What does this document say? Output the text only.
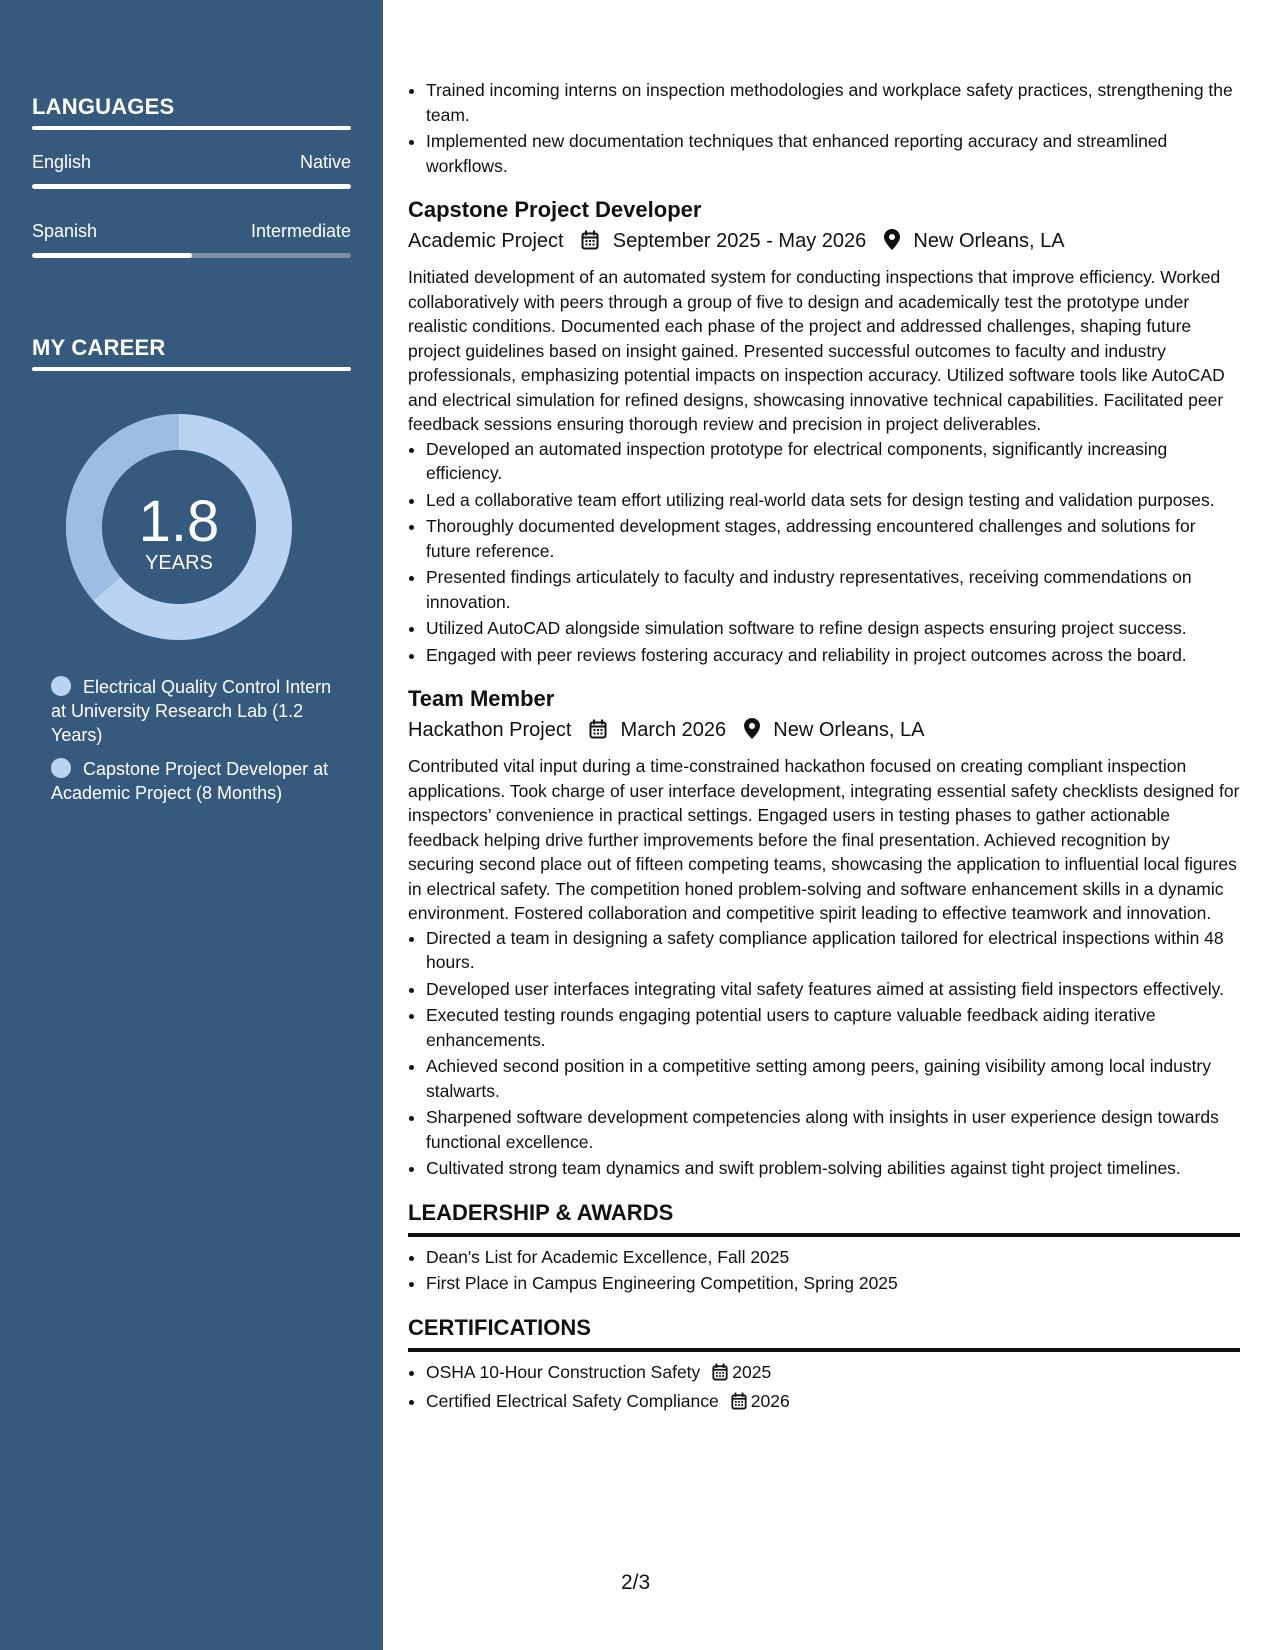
LANGUAGES
English	Native
Spanish	Intermediate
MY CAREER
1.8
YEARS
Electrical Quality Control Intern at University Research Lab (1.2 Years)
Capstone Project Developer at Academic Project (8 Months)
• Trained incoming interns on inspection methodologies and workplace safety practices, strengthening the team.
• Implemented new documentation techniques that enhanced reporting accuracy and streamlined workflows.
Capstone Project Developer
Academic Project September 2025 - May 2026 New Orleans, LA
Initiated development of an automated system for conducting inspections that improve efficiency. Worked collaboratively with peers through a group of five to design and academically test the prototype under realistic conditions. Documented each phase of the project and addressed challenges, shaping future project guidelines based on insight gained. Presented successful outcomes to faculty and industry professionals, emphasizing potential impacts on inspection accuracy. Utilized software tools like AutoCAD and electrical simulation for refined designs, showcasing innovative technical capabilities. Facilitated peer feedback sessions ensuring thorough review and precision in project deliverables.
• Developed an automated inspection prototype for electrical components, significantly increasing efficiency.
• Led a collaborative team effort utilizing real-world data sets for design testing and validation purposes.
• Thoroughly documented development stages, addressing encountered challenges and solutions for future reference.
• Presented findings articulately to faculty and industry representatives, receiving commendations on innovation.
• Utilized AutoCAD alongside simulation software to refine design aspects ensuring project success.
• Engaged with peer reviews fostering accuracy and reliability in project outcomes across the board.
Team Member
Hackathon Project March 2026 New Orleans, LA
Contributed vital input during a time-constrained hackathon focused on creating compliant inspection applications. Took charge of user interface development, integrating essential safety checklists designed for inspectors’ convenience in practical settings. Engaged users in testing phases to gather actionable feedback helping drive further improvements before the final presentation. Achieved recognition by securing second place out of fifteen competing teams, showcasing the application to influential local figures in electrical safety. The competition honed problem-solving and software enhancement skills in a dynamic environment. Fostered collaboration and competitive spirit leading to effective teamwork and innovation.
• Directed a team in designing a safety compliance application tailored for electrical inspections within 48 hours.
• Developed user interfaces integrating vital safety features aimed at assisting field inspectors effectively.
• Executed testing rounds engaging potential users to capture valuable feedback aiding iterative enhancements.
• Achieved second position in a competitive setting among peers, gaining visibility among local industry stalwarts.
• Sharpened software development competencies along with insights in user experience design towards functional excellence.
• Cultivated strong team dynamics and swift problem-solving abilities against tight project timelines.
LEADERSHIP & AWARDS
• Dean's List for Academic Excellence, Fall 2025
• First Place in Campus Engineering Competition, Spring 2025
CERTIFICATIONS
• OSHA 10-Hour Construction Safety 2025
• Certified Electrical Safety Compliance 2026
2/3
